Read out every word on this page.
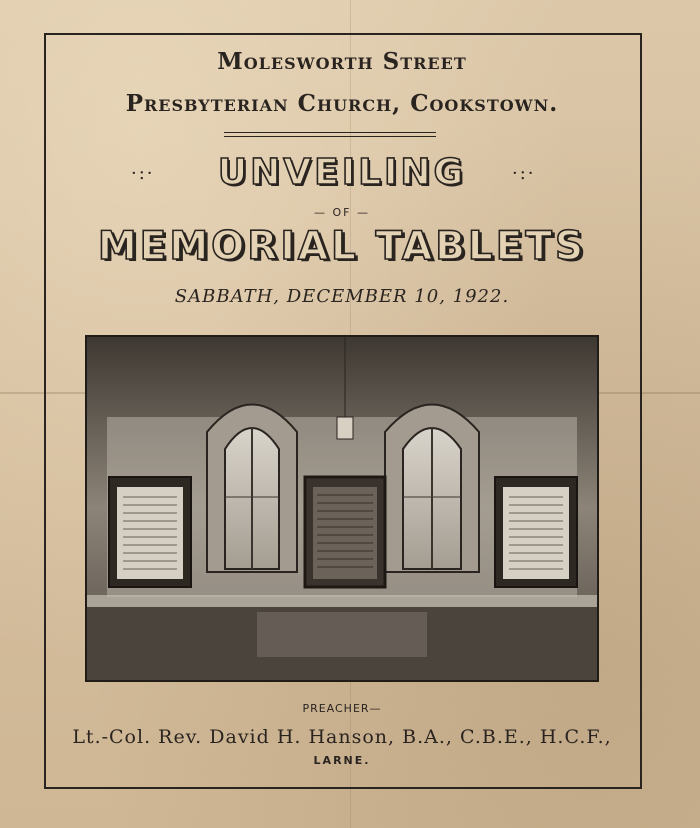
Molesworth Street
Presbyterian Church, Cookstown.
·:·	·:·
UNVEILING
— OF —
MEMORIAL TABLETS
SABBATH, DECEMBER 10, 1922.
PREACHER—
Lt.-Col. Rev. David H. Hanson, B.A., C.B.E., H.C.F.,
LARNE.
